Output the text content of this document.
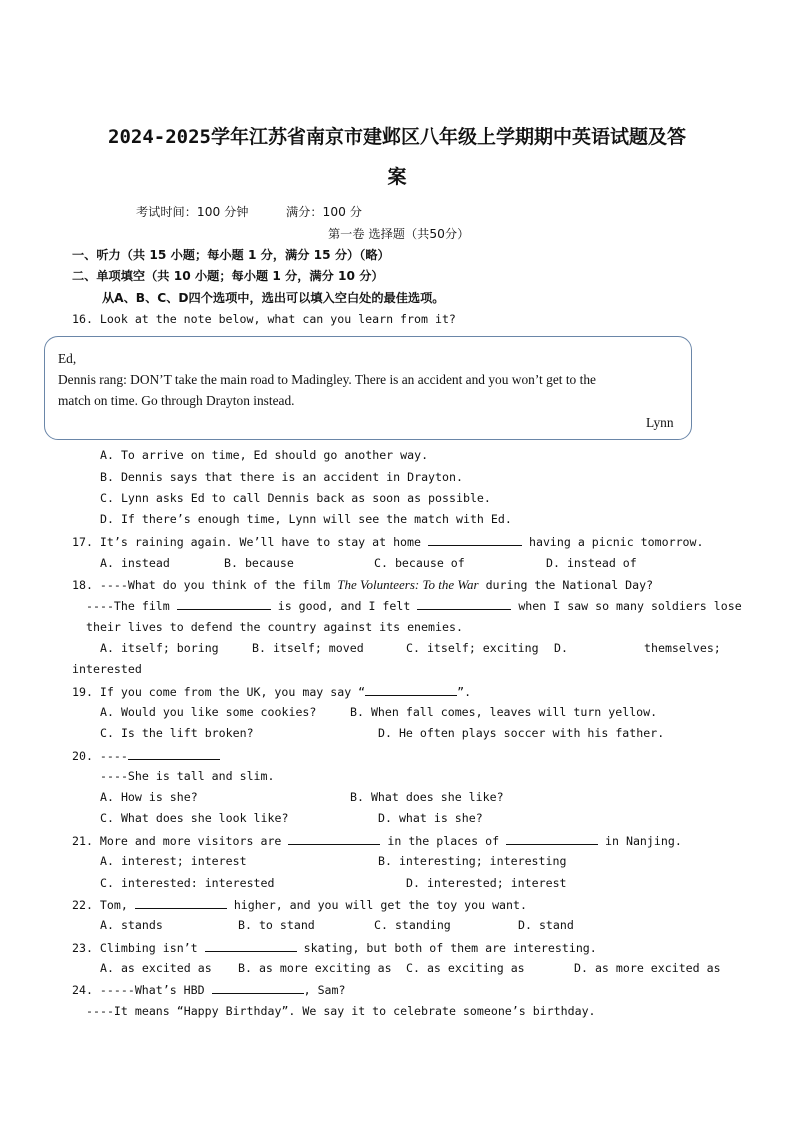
2024-2025学年江苏省南京市建邺区八年级上学期期中英语试题及答
案
考试时间：100 分钟	满分：100 分
第一卷 选择题（共50分）
一、听力（共 15 小题；每小题 1 分，满分 15 分）（略）
二、单项填空（共 10 小题；每小题 1 分，满分 10 分）
从A、B、C、D四个选项中，选出可以填入空白处的最佳选项。
16. Look at the note below, what can you learn from it?
Ed,
Dennis rang: DON’T take the main road to Madingley. There is an accident and you won’t get to the
match on time. Go through Drayton instead.
Lynn
A. To arrive on time, Ed should go another way.
B. Dennis says that there is an accident in Drayton.
C. Lynn asks Ed to call Dennis back as soon as possible.
D. If there’s enough time, Lynn will see the match with Ed.
17. It’s raining again. We’ll have to stay at home	having a picnic tomorrow.
A. instead	B. because	C. because of	D. instead of
18. ----What do you think of the film The Volunteers: To the War during the National Day?
----The film	is good, and I felt	when I saw so many soldiers lose
their lives to defend the country against its enemies.
A. itself; boring	B. itself; moved	C. itself; exciting D.	themselves;
interested
19. If you come from the UK, you may say “	”.
A. Would you like some cookies?	B. When fall comes, leaves will turn yellow.
C. Is the lift broken?	D. He often plays soccer with his father.
20. ----
----She is tall and slim.
A. How is she?	B. What does she like?
C. What does she look like?	D. what is she?
21. More and more visitors are	in the places of	in Nanjing.
A. interest; interest	B. interesting; interesting
C. interested: interested	D. interested; interest
22. Tom,	higher, and you will get the toy you want.
A. stands	B. to stand	C. standing	D. stand
23. Climbing isn’t	skating, but both of them are interesting.
A. as excited as B. as more exciting as C. as exciting as	D. as more excited as
24. -----What’s HBD	, Sam?
----It means “Happy Birthday”. We say it to celebrate someone’s birthday.
